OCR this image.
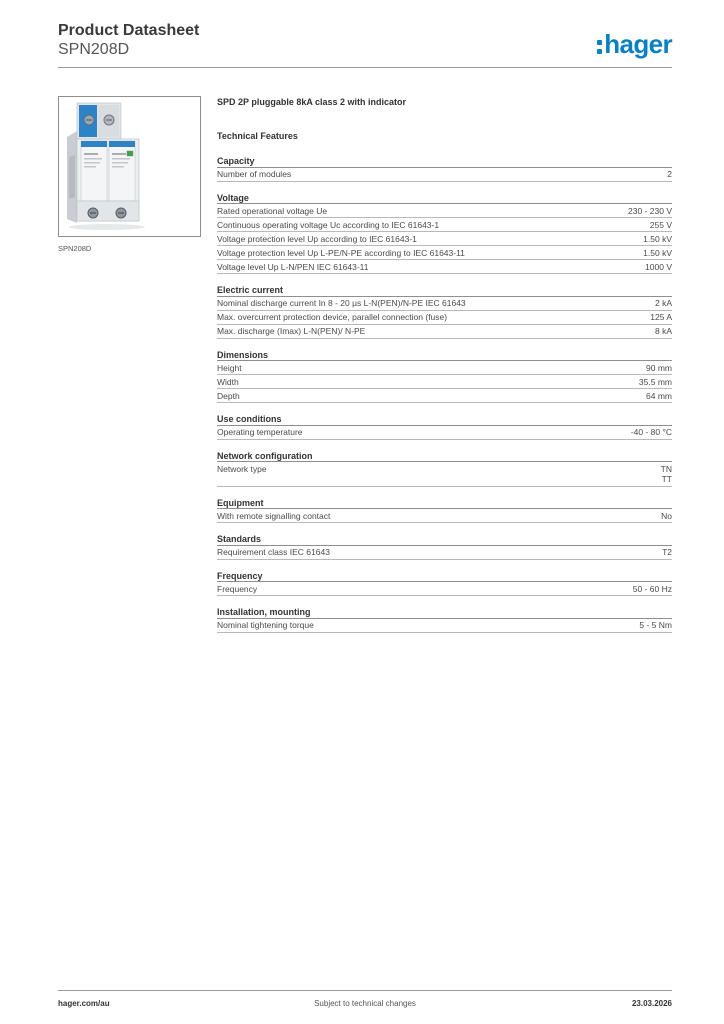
Product Datasheet
SPN208D	hager
SPN208D
SPD 2P pluggable 8kA class 2 with indicator
Technical Features
Capacity
Number of modules	2
Voltage
Rated operational voltage Ue	230 - 230 V
Continuous operating voltage Uc according to IEC 61643-1	255 V
Voltage protection level Up according to IEC 61643-1	1.50 kV
Voltage protection level Up L-PE/N-PE according to IEC 61643-11	1.50 kV
Voltage level Up L-N/PEN IEC 61643-11	1000 V
Electric current
Nominal discharge current In 8 - 20 µs L-N(PEN)/N-PE IEC 61643	2 kA
Max. overcurrent protection device, parallel connection (fuse)	125 A
Max. discharge (Imax) L-N(PEN)/ N-PE	8 kA
Dimensions
Height	90 mm
Width	35.5 mm
Depth	64 mm
Use conditions
Operating temperature	-40 - 80 °C
Network configuration
Network type	TN
TT
Equipment
With remote signalling contact	No
Standards
Requirement class IEC 61643	T2
Frequency
Frequency	50 - 60 Hz
Installation, mounting
Nominal tightening torque	5 - 5 Nm
hager.com/au	Subject to technical changes	23.03.2026
